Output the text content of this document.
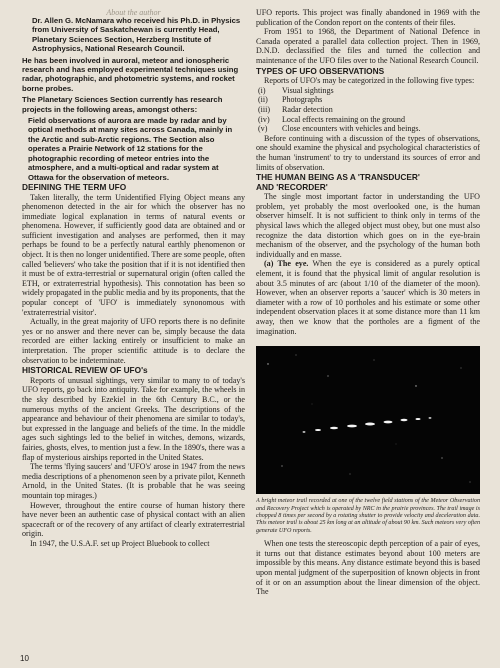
About the author

Dr. Allen G. McNamara who received his Ph.D. in Physics from University of Saskatchewan is currently Head, Planetary Sciences Section, Herzberg Institute of Astrophysics, National Research Council.

He has been involved in auroral, meteor and ionospheric research and has employed experimental techniques using radar, photographic, and photometric systems, and rocket borne probes.

The Planetary Sciences Section currently has research projects in the following areas, amongst others:

Field observations of aurora are made by radar and by optical methods at many sites across Canada, mainly in the Arctic and sub-Arctic regions. The Section also operates a Prairie Network of 12 stations for the photographic recording of meteor entries into the atmosphere, and a multi-optical and radar system at Ottawa for the observation of meteors.

DEFINING THE TERM UFO

Taken literally, the term Unidentified Flying Object means any phenomenon detected in the air for which the observer has no immediate logical explanation in terms of natural events or phenomena. However, if sufficiently good data are obtained and or sufficient investigation and analyses are performed, then it may perhaps be found to be a perfectly natural earthly phenomenon or object. It is then no longer unidentified. There are some people, often called 'believers' who take the position that if it is not identified then it must be of extra-terrestrial or supernatural origin (often called the ETH, or extraterrestrial hypothesis). This connotation has been so widely propagated in the public media and by its proponents, that the popular concept of 'UFO' is immediately synonomous with 'extraterrestrial visitor'.

Actually, in the great majority of UFO reports there is no definite yes or no answer and there never can be, simply because the data recorded are either lacking entirely or insufficient to make an interpretation. The proper scientific attitude is to declare the observation to be indeterminate.

HISTORICAL REVIEW OF UFO's

Reports of unusual sightings, very similar to many to of today's UFO reports, go back into antiquity. Take for example, the wheels in the sky described by Ezekiel in the 6th Century B.C., or the numerous myths of the ancient Greeks. The descriptions of the appearance and behaviour of their phenomena are similar to today's, but expressed in the language and beliefs of the time. In the middle ages such sightings led to the belief in witches, demons, wizards, fairies, ghosts, elves, to mention just a few. In the 1890's, there was a flap of mysterious airships reported in the United States.

The terms 'flying saucers' and 'UFO's' arose in 1947 from the news media descriptions of a phenomenon seen by a private pilot, Kenneth Arnold, in the United States. (It is probable that he was seeing mountain top mirages.)

However, throughout the entire course of human history there have never been an authentic case of physical contact with an alien spacecraft or of the recovery of any artifact of clearly extraterrestrial origin.

In 1947, the U.S.A.F. set up Project Bluebook to collect

UFO reports. This project was finally abandoned in 1969 with the publication of the Condon report on the contents of their files.

From 1951 to 1968, the Department of National Defence in Canada operated a parallel data collection project. Then in 1969, D.N.D. declassified the files and turned the collection and maintenance of the UFO files over to the National Research Council.

TYPES OF UFO OBSERVATIONS

Reports of UFO's may be categorized in the following five types:

(i)	Visual sightings
(ii)	Photographs
(iii)	Radar detection
(iv)	Local effects remaining on the ground
(v)	Close encounters with vehicles and beings.

Before continuing with a discussion of the types of observations, one should examine the physical and psychological characteristics of the human 'instrument' to try to understand its sources of error and limits of observation.

THE HUMAN BEING AS A 'TRANSDUCER'
AND 'RECORDER'

The single most important factor in understanding the UFO problem, yet probably the most overlooked one, is the human observer himself. It is not sufficient to think only in terms of the physical laws which the alleged object must obey, but one must also recognize the data distortion which goes on in the eye-brain mechanism of the observer, and the psychology of the human both individually and en masse.

(a) The eye. When the eye is considered as a purely optical element, it is found that the physical limit of angular resolution is about 3.5 minutes of arc (about 1/10 of the diameter of the moon). However, when an observer reports a 'saucer' which is 30 meters in diameter with a row of 10 portholes and his estimate or some other independent observation places it at some distance more than 11 km away, then we know that the portholes are a figment of the imagination.

A bright meteor trail recorded at one of the twelve field stations of the Meteor Observation and Recovery Project which is operated by NRC in the prairie provinces. The trail image is chopped 8 times per second by a rotating shutter to provide velocity and deceleration data. This meteor trail is about 25 km long at an altitude of about 90 km. Such meteors very often generate UFO reports.

When one tests the stereoscopic depth perception of a pair of eyes, it turns out that distance estimates beyond about 100 meters are impossible by this means. Any distance estimate beyond this is based upon mental judgment of the superposition of known objects in front of it or on an assumption about the linear dimension of the object. The

10
